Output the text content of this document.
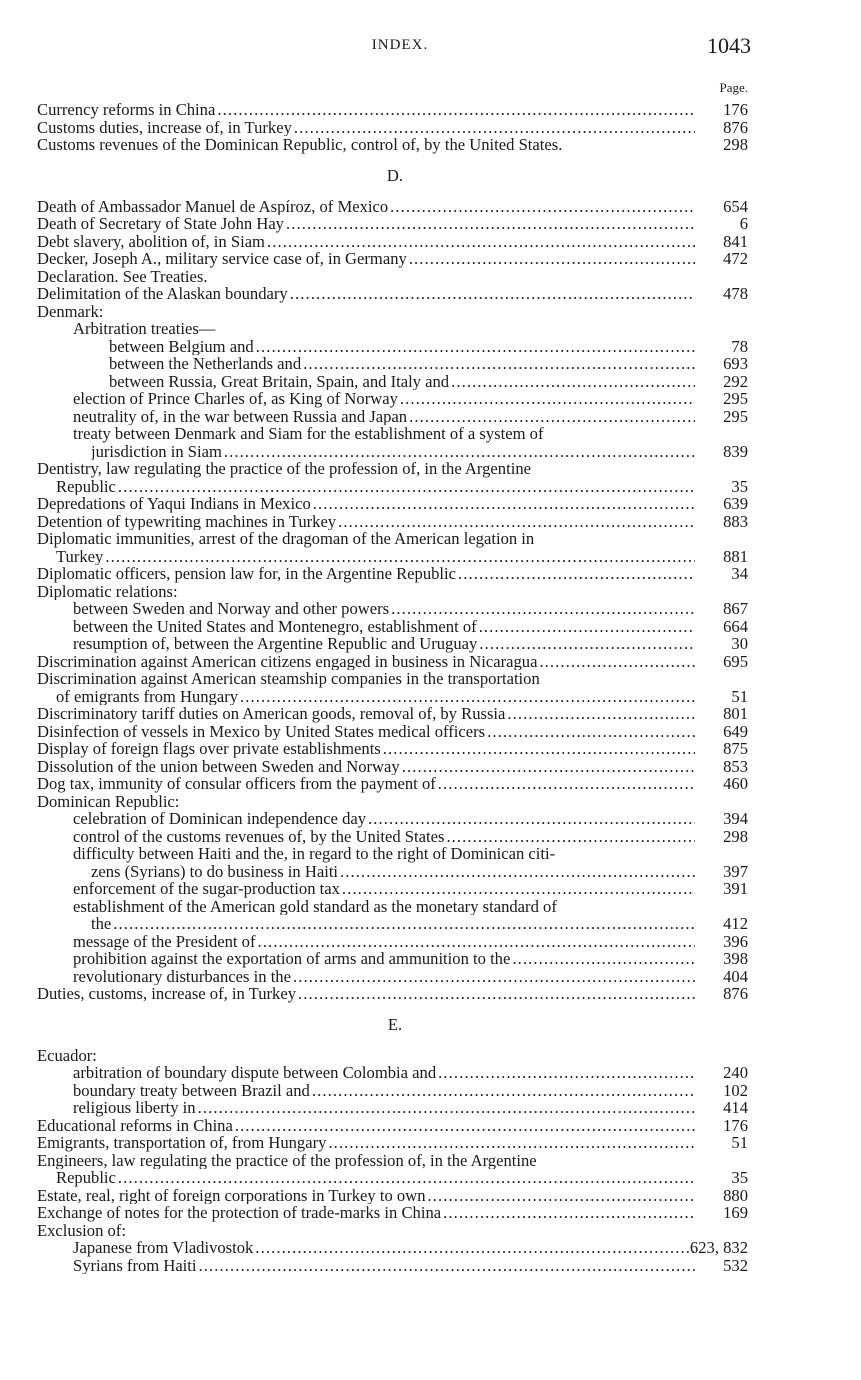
INDEX.	1043
Page.
Currency reforms in China .....	176
Customs duties, increase of, in Turkey .....	876
Customs revenues of the Dominican Republic, control of, by the United States.	298
D.
Death of Ambassador Manuel de Aspíroz, of Mexico .....	654
Death of Secretary of State John Hay .....	6
Debt slavery, abolition of, in Siam .....	841
Decker, Joseph A., military service case of, in Germany .....	472
Declaration. See Treaties.
Delimitation of the Alaskan boundary .....	478
Denmark:
Arbitration treaties—
between Belgium and .....	78
between the Netherlands and .....	693
between Russia, Great Britain, Spain, and Italy and .....	292
election of Prince Charles of, as King of Norway .....	295
neutrality of, in the war between Russia and Japan .....	295
treaty between Denmark and Siam for the establishment of a system of
jurisdiction in Siam .....	839
Dentistry, law regulating the practice of the profession of, in the Argentine
Republic .....	35
Depredations of Yaqui Indians in Mexico .....	639
Detention of typewriting machines in Turkey .....	883
Diplomatic immunities, arrest of the dragoman of the American legation in
Turkey .....	881
Diplomatic officers, pension law for, in the Argentine Republic .....	34
Diplomatic relations:
between Sweden and Norway and other powers .....	867
between the United States and Montenegro, establishment of .....	664
resumption of, between the Argentine Republic and Uruguay .....	30
Discrimination against American citizens engaged in business in Nicaragua .....	695
Discrimination against American steamship companies in the transportation
of emigrants from Hungary .....	51
Discriminatory tariff duties on American goods, removal of, by Russia .....	801
Disinfection of vessels in Mexico by United States medical officers .....	649
Display of foreign flags over private establishments .....	875
Dissolution of the union between Sweden and Norway .....	853
Dog tax, immunity of consular officers from the payment of .....	460
Dominican Republic:
celebration of Dominican independence day .....	394
control of the customs revenues of, by the United States .....	298
difficulty between Haiti and the, in regard to the right of Dominican citi-
zens (Syrians) to do business in Haiti .....	397
enforcement of the sugar-production tax .....	391
establishment of the American gold standard as the monetary standard of
the .....	412
message of the President of .....	396
prohibition against the exportation of arms and ammunition to the .....	398
revolutionary disturbances in the .....	404
Duties, customs, increase of, in Turkey .....	876
E.
Ecuador:
arbitration of boundary dispute between Colombia and .....	240
boundary treaty between Brazil and .....	102
religious liberty in .....	414
Educational reforms in China .....	176
Emigrants, transportation of, from Hungary .....	51
Engineers, law regulating the practice of the profession of, in the Argentine
Republic .....	35
Estate, real, right of foreign corporations in Turkey to own .....	880
Exchange of notes for the protection of trade-marks in China .....	169
Exclusion of:
Japanese from Vladivostok .....	623, 832
Syrians from Haiti .....	532
